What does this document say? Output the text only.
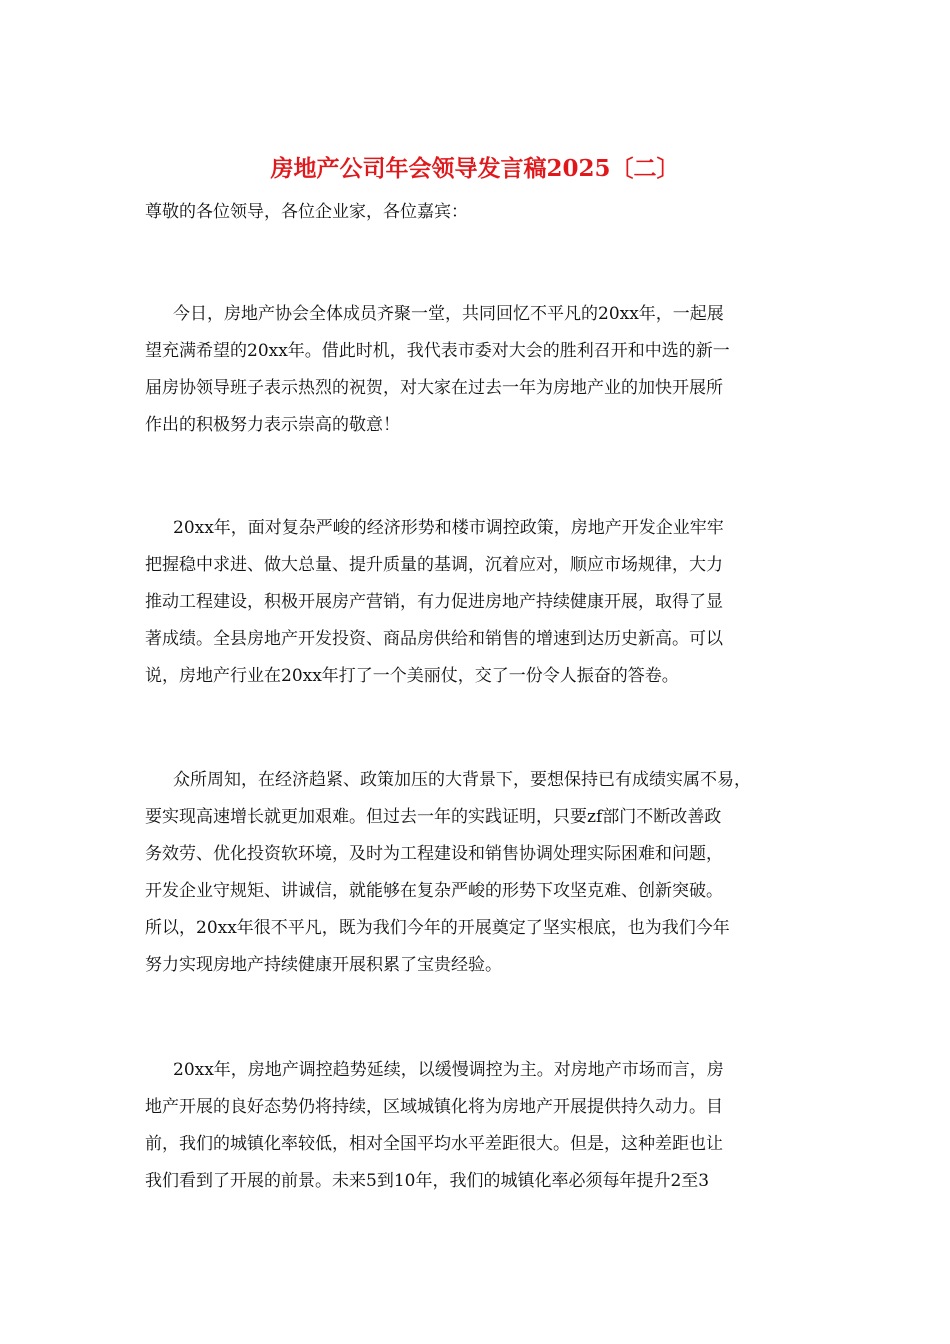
房地产公司年会领导发言稿2025〔二〕

尊敬的各位领导，各位企业家，各位嘉宾：

今日，房地产协会全体成员齐聚一堂，共同回忆不平凡的20xx年，一起展
望充满希望的20xx年。借此时机，我代表市委对大会的胜利召开和中选的新一
届房协领导班子表示热烈的祝贺，对大家在过去一年为房地产业的加快开展所
作出的积极努力表示崇高的敬意！
20xx年，面对复杂严峻的经济形势和楼市调控政策，房地产开发企业牢牢
把握稳中求进、做大总量、提升质量的基调，沉着应对，顺应市场规律，大力
推动工程建设，积极开展房产营销，有力促进房地产持续健康开展，取得了显
著成绩。全县房地产开发投资、商品房供给和销售的增速到达历史新高。可以
说，房地产行业在20xx年打了一个美丽仗，交了一份令人振奋的答卷。
众所周知，在经济趋紧、政策加压的大背景下，要想保持已有成绩实属不易，
要实现高速增长就更加艰难。但过去一年的实践证明，只要zf部门不断改善政
务效劳、优化投资软环境，及时为工程建设和销售协调处理实际困难和问题，
开发企业守规矩、讲诚信，就能够在复杂严峻的形势下攻坚克难、创新突破。
所以，20xx年很不平凡，既为我们今年的开展奠定了坚实根底，也为我们今年
努力实现房地产持续健康开展积累了宝贵经验。
20xx年，房地产调控趋势延续，以缓慢调控为主。对房地产市场而言，房
地产开展的良好态势仍将持续，区域城镇化将为房地产开展提供持久动力。目
前，我们的城镇化率较低，相对全国平均水平差距很大。但是，这种差距也让
我们看到了开展的前景。未来5到10年，我们的城镇化率必须每年提升2至3
